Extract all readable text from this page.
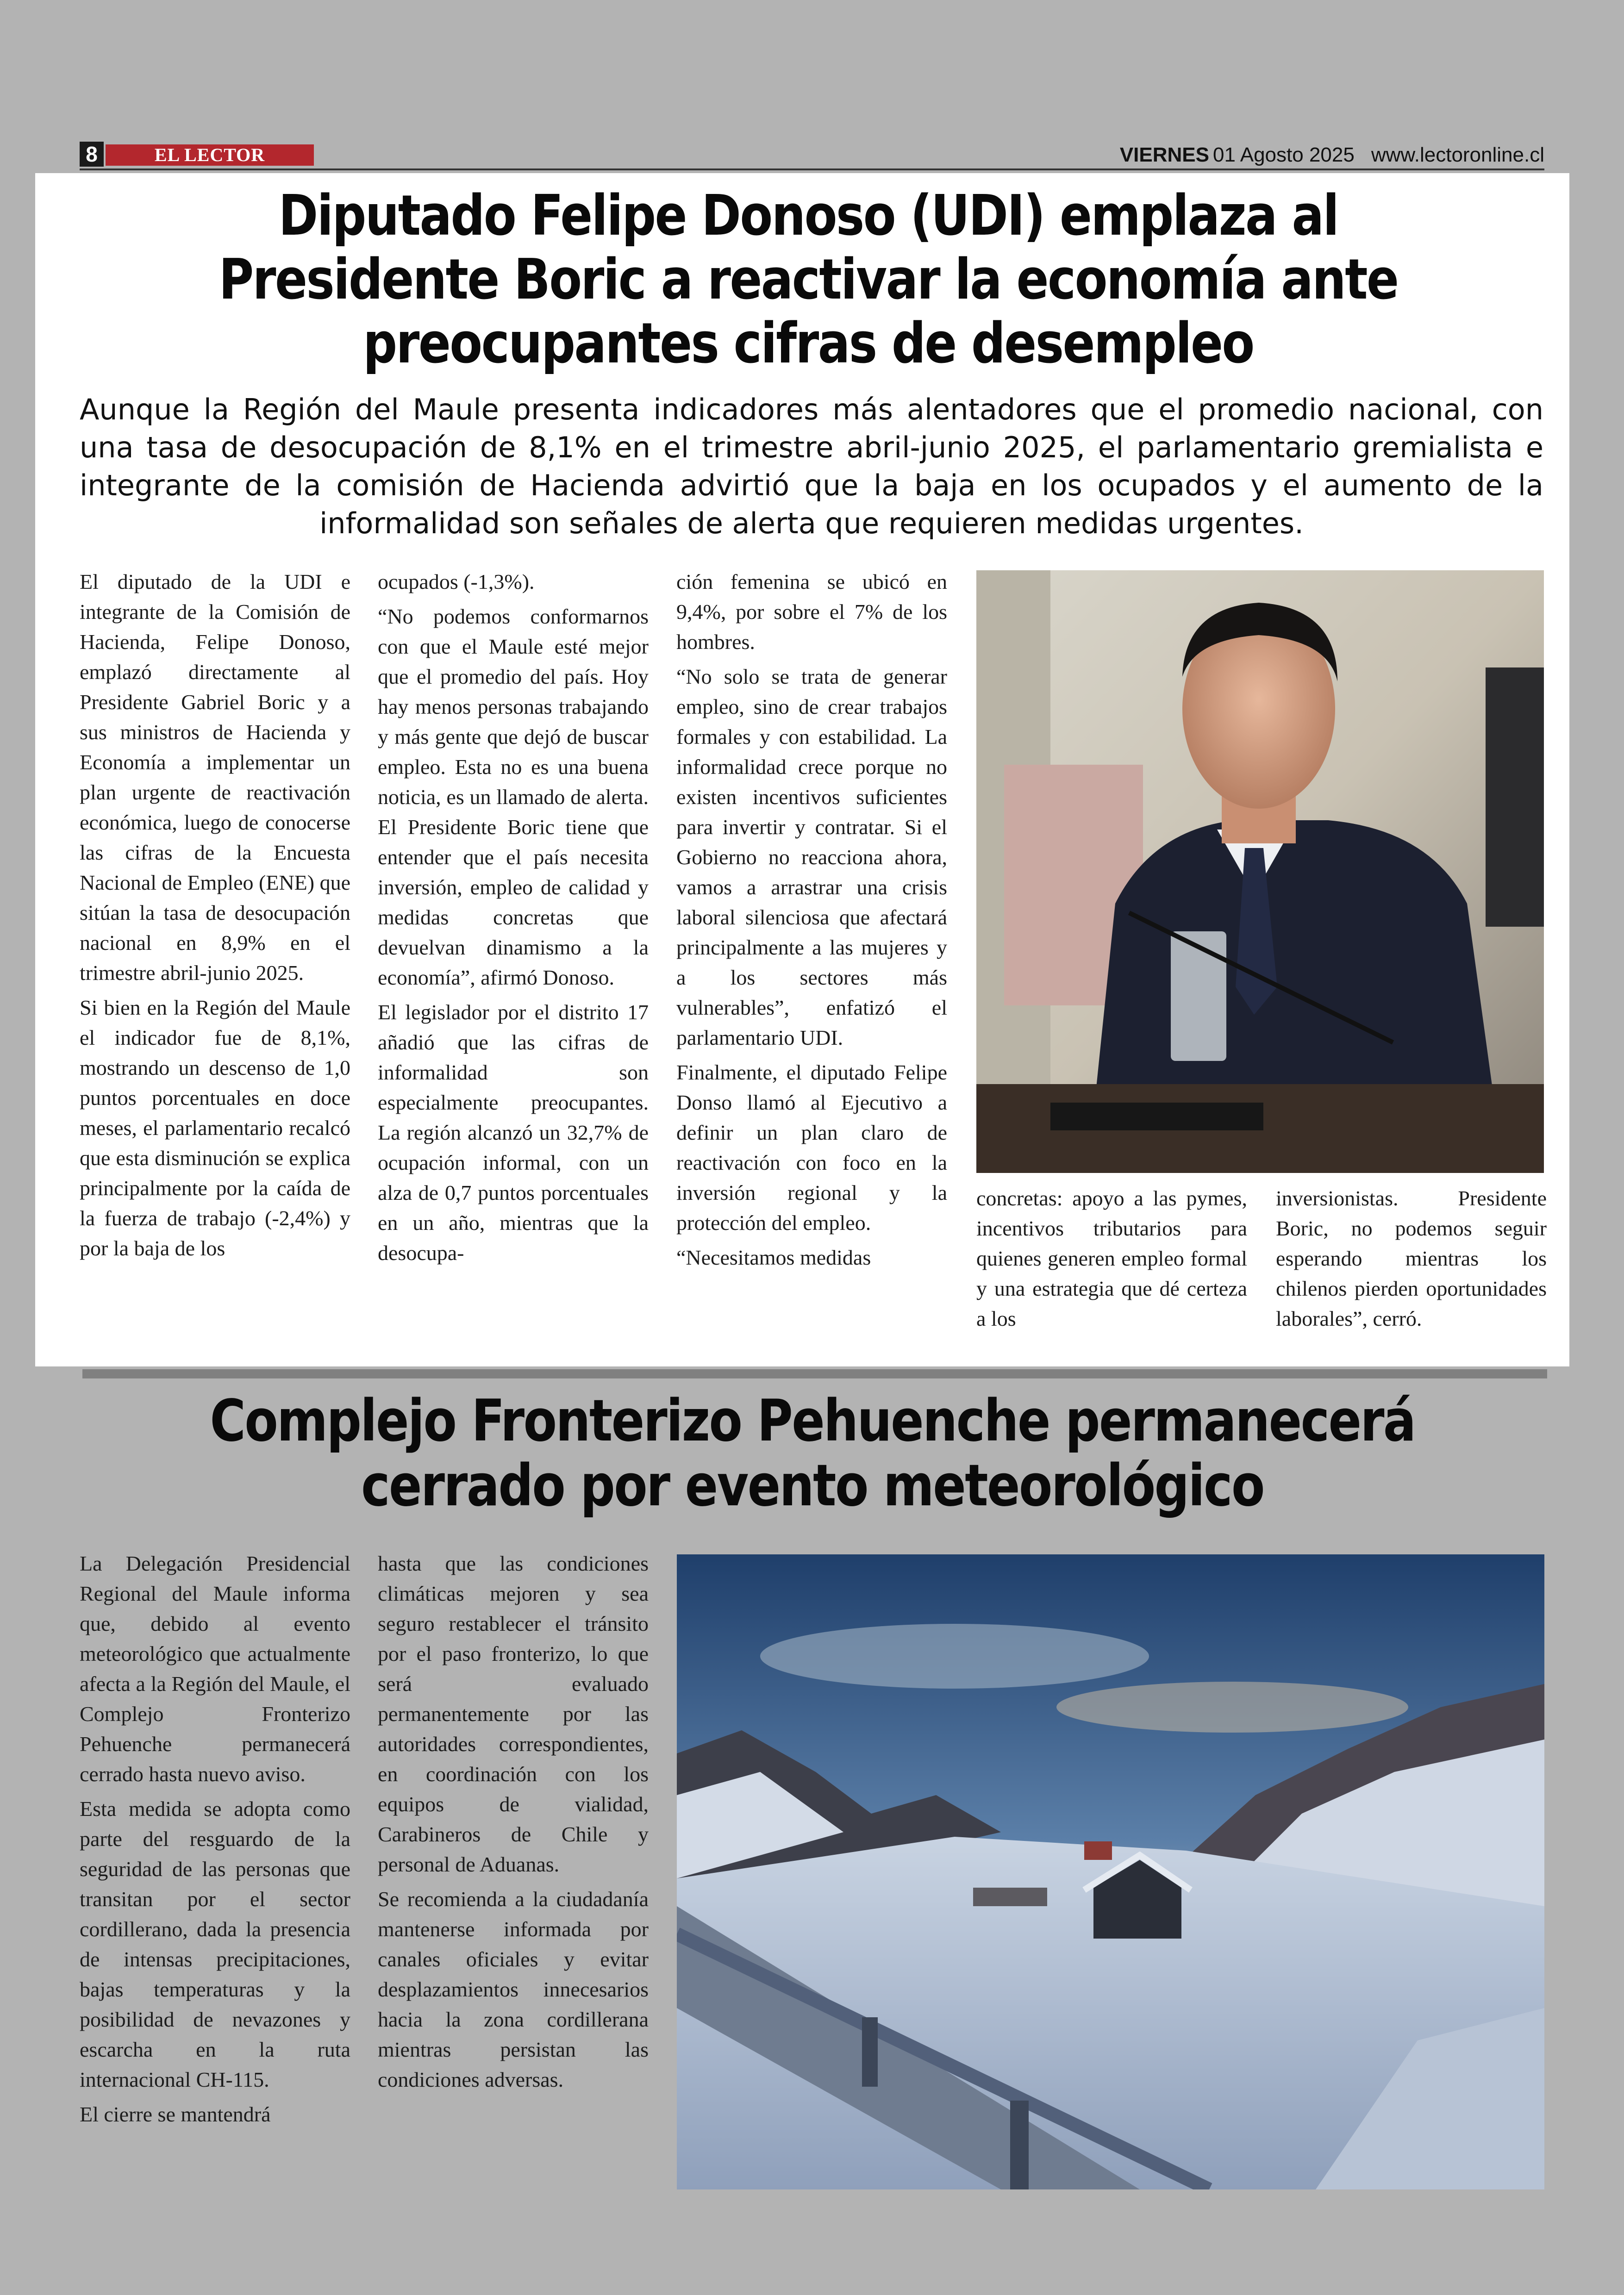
8	EL LECTOR	VIERNES 01 Agosto 2025 www.lectoronline.cl
Diputado Felipe Donoso (UDI) emplaza al Presidente Boric a reactivar la economía ante preocupantes cifras de desempleo

Aunque la Región del Maule presenta indicadores más alentadores que el promedio nacional, con una tasa de desocupación de 8,1% en el trimestre abril-junio 2025, el parlamentario gremialista e integrante de la comisión de Hacienda advirtió que la baja en los ocupados y el aumento de la informalidad son señales de alerta que requieren medidas urgentes.

El diputado de la UDI e integrante de la Comisión de Hacienda, Felipe Donoso, emplazó directamente al Presidente Gabriel Boric y a sus ministros de Hacienda y Economía a implementar un plan urgente de reactivación económica, luego de conocerse las cifras de la Encuesta Nacional de Empleo (ENE) que sitúan la tasa de desocupación nacional en 8,9% en el trimestre abril-junio 2025.

Si bien en la Región del Maule el indicador fue de 8,1%, mostrando un descenso de 1,0 puntos porcentuales en doce meses, el parlamentario recalcó que esta disminución se explica principalmente por la caída de la fuerza de trabajo (-2,4%) y por la baja de los

ocupados (-1,3%).

“No podemos conformarnos con que el Maule esté mejor que el promedio del país. Hoy hay menos personas trabajando y más gente que dejó de buscar empleo. Esta no es una buena noticia, es un llamado de alerta. El Presidente Boric tiene que entender que el país necesita inversión, empleo de calidad y medidas concretas que devuelvan dinamismo a la economía”, afirmó Donoso.

El legislador por el distrito 17 añadió que las cifras de informalidad son especialmente preocupantes. La región alcanzó un 32,7% de ocupación informal, con un alza de 0,7 puntos porcentuales en un año, mientras que la desocupa-

ción femenina se ubicó en 9,4%, por sobre el 7% de los hombres.

“No solo se trata de generar empleo, sino de crear trabajos formales y con estabilidad. La informalidad crece porque no existen incentivos suficientes para invertir y contratar. Si el Gobierno no reacciona ahora, vamos a arrastrar una crisis laboral silenciosa que afectará principalmente a las mujeres y a los sectores más vulnerables”, enfatizó el parlamentario UDI.

Finalmente, el diputado Felipe Donso llamó al Ejecutivo a definir un plan claro de reactivación con foco en la inversión regional y la protección del empleo.

“Necesitamos medidas

concretas: apoyo a las pymes, incentivos tributarios para quienes generen empleo formal y una estrategia que dé certeza a los

inversionistas. Presidente Boric, no podemos seguir esperando mientras los chilenos pierden oportunidades laborales”, cerró.

Complejo Fronterizo Pehuenche permanecerá cerrado por evento meteorológico

La Delegación Presidencial Regional del Maule informa que, debido al evento meteorológico que actualmente afecta a la Región del Maule, el Complejo Fronterizo Pehuenche permanecerá cerrado hasta nuevo aviso.

Esta medida se adopta como parte del resguardo de la seguridad de las personas que transitan por el sector cordillerano, dada la presencia de intensas precipitaciones, bajas temperaturas y la posibilidad de nevazones y escarcha en la ruta internacional CH-115.

El cierre se mantendrá

hasta que las condiciones climáticas mejoren y sea seguro restablecer el tránsito por el paso fronterizo, lo que será evaluado permanentemente por las autoridades correspondientes, en coordinación con los equipos de vialidad, Carabineros de Chile y personal de Aduanas.

Se recomienda a la ciudadanía mantenerse informada por canales oficiales y evitar desplazamientos innecesarios hacia la zona cordillerana mientras persistan las condiciones adversas.
